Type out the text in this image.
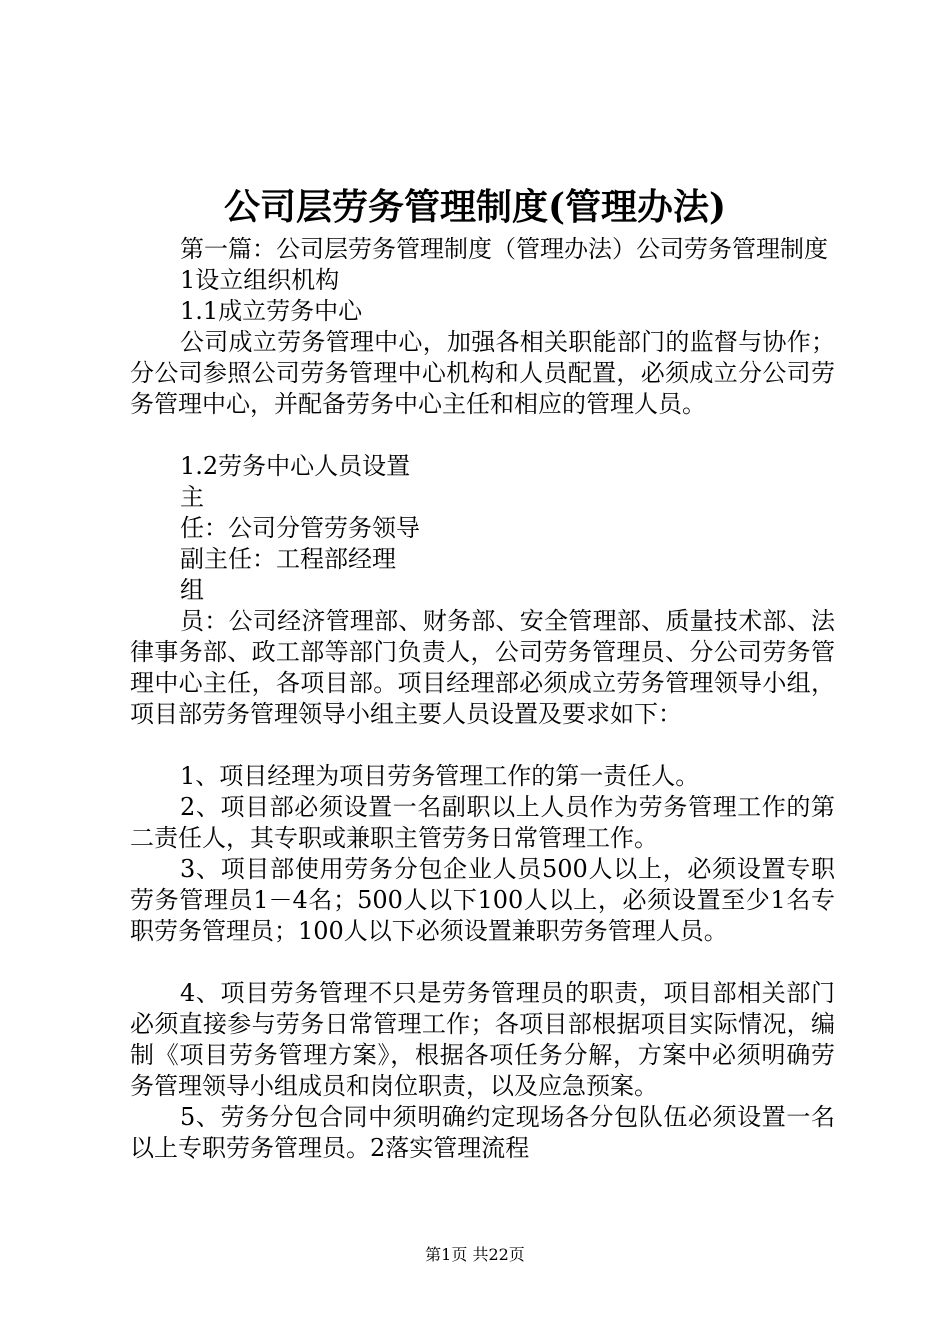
公司层劳务管理制度(管理办法)

第一篇：公司层劳务管理制度（管理办法）公司劳务管理制度

1设立组织机构

1.1成立劳务中心

公司成立劳务管理中心，加强各相关职能部门的监督与协作；分公司参照公司劳务管理中心机构和人员配置，必须成立分公司劳务管理中心，并配备劳务中心主任和相应的管理人员。

1.2劳务中心人员设置

主

任：公司分管劳务领导

副主任：工程部经理

组

员：公司经济管理部、财务部、安全管理部、质量技术部、法律事务部、政工部等部门负责人，公司劳务管理员、分公司劳务管理中心主任，各项目部。项目经理部必须成立劳务管理领导小组，项目部劳务管理领导小组主要人员设置及要求如下：

1、项目经理为项目劳务管理工作的第一责任人。

2、项目部必须设置一名副职以上人员作为劳务管理工作的第二责任人，其专职或兼职主管劳务日常管理工作。

3、项目部使用劳务分包企业人员500人以上，必须设置专职劳务管理员1－4名；500人以下100人以上，必须设置至少1名专职劳务管理员；100人以下必须设置兼职劳务管理人员。

4、项目劳务管理不只是劳务管理员的职责，项目部相关部门必须直接参与劳务日常管理工作；各项目部根据项目实际情况，编制《项目劳务管理方案》，根据各项任务分解，方案中必须明确劳务管理领导小组成员和岗位职责，以及应急预案。

5、劳务分包合同中须明确约定现场各分包队伍必须设置一名以上专职劳务管理员。2落实管理流程

第1页 共22页
